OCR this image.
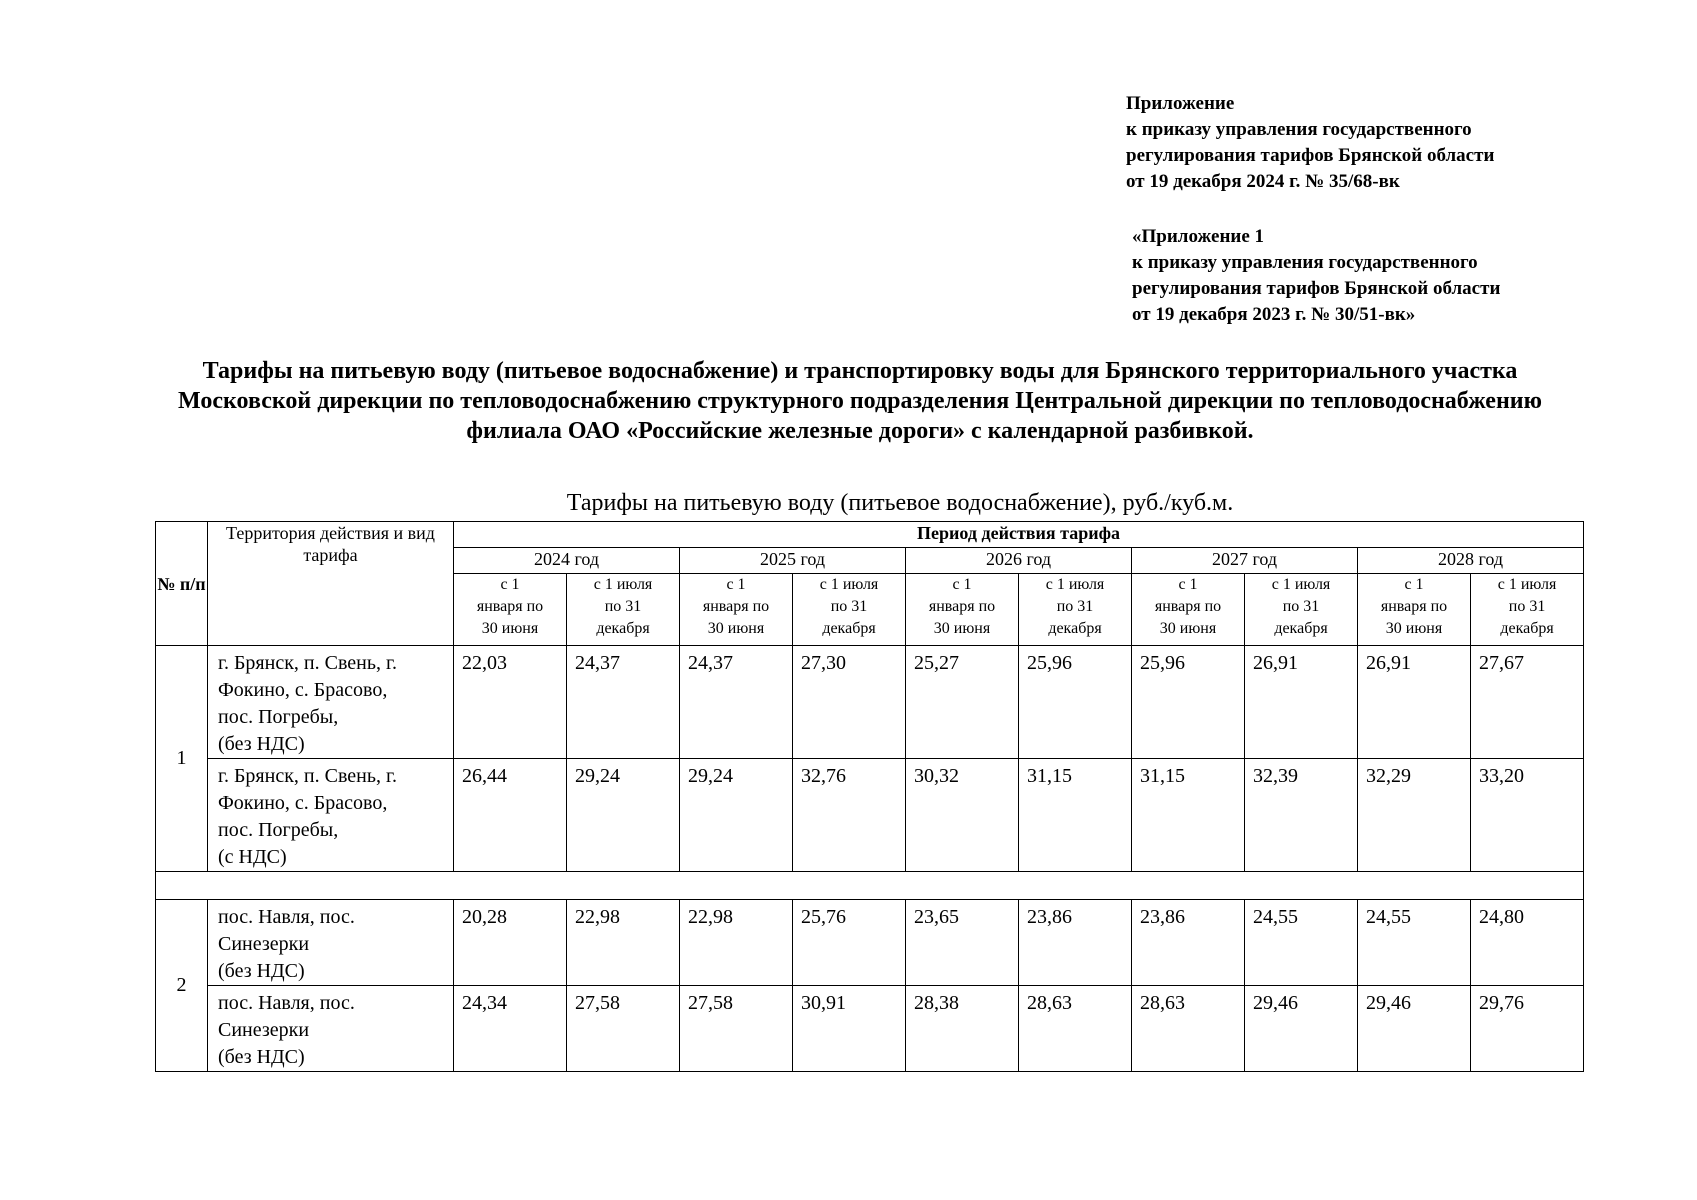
Приложение
к приказу управления государственного
регулирования тарифов Брянской области
от 19 декабря 2024 г. № 35/68-вк
«Приложение 1
к приказу управления государственного
регулирования тарифов Брянской области
от 19 декабря 2023 г. № 30/51-вк»
Тарифы на питьевую воду (питьевое водоснабжение) и транспортировку воды для Брянского территориального участка
Московской дирекции по тепловодоснабжению структурного подразделения Центральной дирекции по тепловодоснабжению
филиала ОАО «Российские железные дороги» с календарной разбивкой.
Тарифы на питьевую воду (питьевое водоснабжение), руб./куб.м.
№ п/п	Территория действия и вид тарифа	Период действия тарифа									
		2024 год		2025 год		2026 год		2027 год		2028 год	

		с 1
января по
30 июня	с 1 июля
по 31
декабря	с 1
января по
30 июня	с 1 июля
по 31
декабря	с 1
января по
30 июня	с 1 июля
по 31
декабря	с 1
января по
30 июня	с 1 июля
по 31
декабря	с 1
января по
30 июня	с 1 июля
по 31
декабря

1	г. Брянск, п. Свень, г.
Фокино, с. Брасово,
пос. Погребы,
(без НДС)	22,03	24,37	24,37	27,30	25,27	25,96	25,96	26,91	26,91	27,67

	г. Брянск, п. Свень, г.
Фокино, с. Брасово,
пос. Погребы,
(с НДС)	26,44	29,24	29,24	32,76	30,32	31,15	31,15	32,39	32,29	33,20

2	пос. Навля, пос.
Синезерки
(без НДС)	20,28	22,98	22,98	25,76	23,65	23,86	23,86	24,55	24,55	24,80

	пос. Навля, пос.
Синезерки
(без НДС)	24,34	27,58	27,58	30,91	28,38	28,63	28,63	29,46	29,46	29,76
